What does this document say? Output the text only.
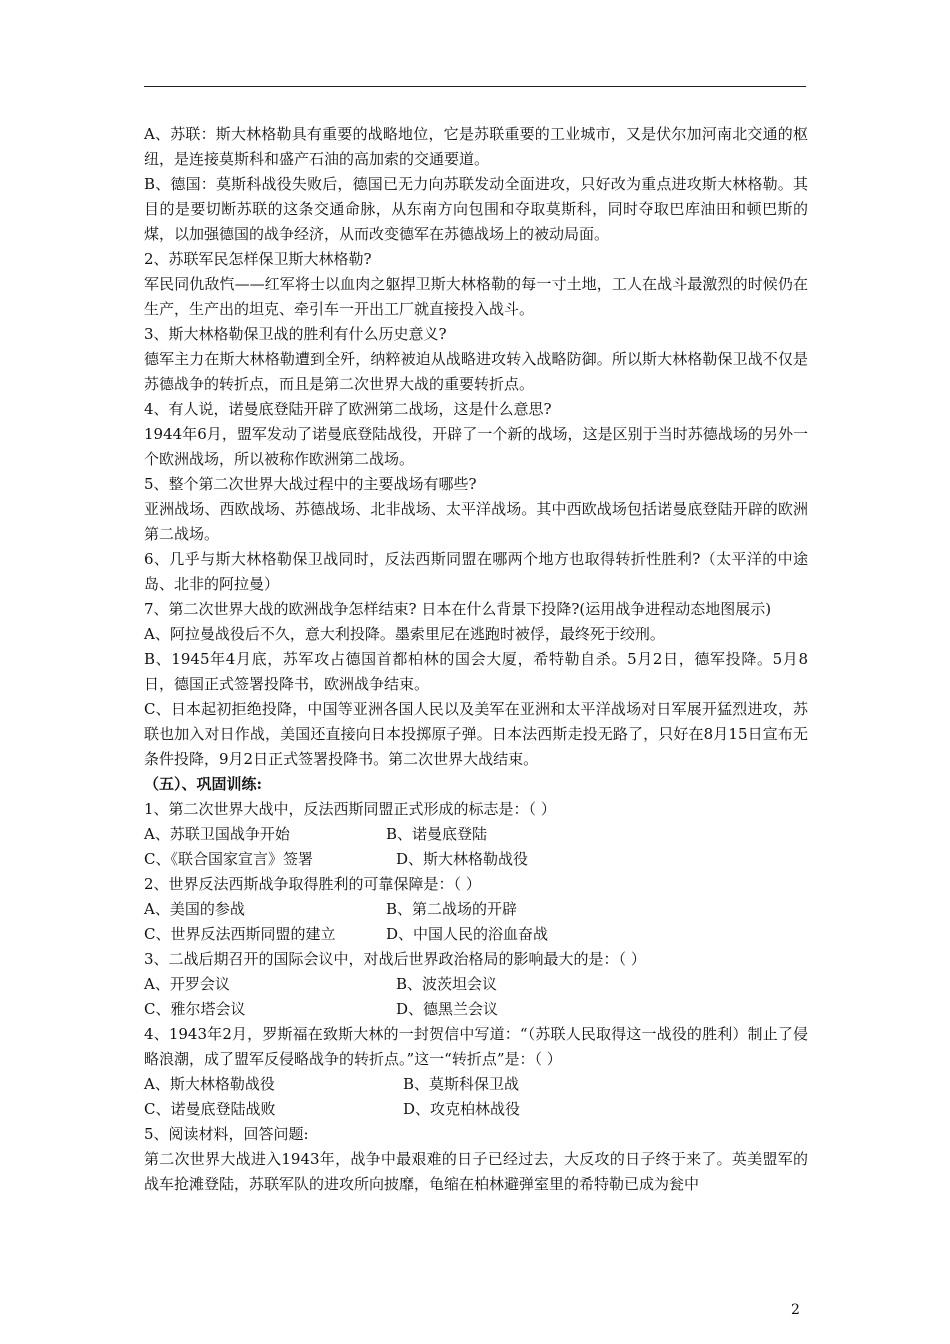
A、苏联：斯大林格勒具有重要的战略地位，它是苏联重要的工业城市，又是伏尔加河南北交通的枢纽，是连接莫斯科和盛产石油的高加索的交通要道。

B、德国：莫斯科战役失败后，德国已无力向苏联发动全面进攻，只好改为重点进攻斯大林格勒。其目的是要切断苏联的这条交通命脉，从东南方向包围和夺取莫斯科，同时夺取巴库油田和顿巴斯的煤，以加强德国的战争经济，从而改变德军在苏德战场上的被动局面。

2、苏联军民怎样保卫斯大林格勒?

军民同仇敌忾——红军将士以血肉之躯捍卫斯大林格勒的每一寸土地，工人在战斗最激烈的时候仍在生产，生产出的坦克、牵引车一开出工厂就直接投入战斗。

3、斯大林格勒保卫战的胜利有什么历史意义?

德军主力在斯大林格勒遭到全歼，纳粹被迫从战略进攻转入战略防御。所以斯大林格勒保卫战不仅是苏德战争的转折点，而且是第二次世界大战的重要转折点。

4、有人说，诺曼底登陆开辟了欧洲第二战场，这是什么意思?

1944年6月，盟军发动了诺曼底登陆战役，开辟了一个新的战场，这是区别于当时苏德战场的另外一个欧洲战场，所以被称作欧洲第二战场。

5、整个第二次世界大战过程中的主要战场有哪些?

亚洲战场、西欧战场、苏德战场、北非战场、太平洋战场。其中西欧战场包括诺曼底登陆开辟的欧洲第二战场。

6、几乎与斯大林格勒保卫战同时，反法西斯同盟在哪两个地方也取得转折性胜利?（太平洋的中途岛、北非的阿拉曼）

7、第二次世界大战的欧洲战争怎样结束? 日本在什么背景下投降?(运用战争进程动态地图展示)

A、阿拉曼战役后不久，意大利投降。墨索里尼在逃跑时被俘，最终死于绞刑。

B、1945年4月底，苏军攻占德国首都柏林的国会大厦，希特勒自杀。5月2日，德军投降。5月8日，德国正式签署投降书，欧洲战争结束。

C、日本起初拒绝投降，中国等亚洲各国人民以及美军在亚洲和太平洋战场对日军展开猛烈进攻，苏联也加入对日作战，美国还直接向日本投掷原子弹。日本法西斯走投无路了，只好在8月15日宣布无条件投降，9月2日正式签署投降书。第二次世界大战结束。

（五）、巩固训练:

1、第二次世界大战中，反法西斯同盟正式形成的标志是：（ ）

A、苏联卫国战争开始	B、诺曼底登陆
C、《联合国家宣言》签署	D、斯大林格勒战役

2、世界反法西斯战争取得胜利的可靠保障是：（ ）

A、美国的参战	B、第二战场的开辟
C、世界反法西斯同盟的建立	D、中国人民的浴血奋战

3、二战后期召开的国际会议中，对战后世界政治格局的影响最大的是：（ ）

A、开罗会议	B、波茨坦会议
C、雅尔塔会议	D、德黑兰会议

4、1943年2月，罗斯福在致斯大林的一封贺信中写道：“（苏联人民取得这一战役的胜利）制止了侵略浪潮，成了盟军反侵略战争的转折点。”这一“转折点”是：（ ）

A、斯大林格勒战役	B、莫斯科保卫战
C、诺曼底登陆战败	D、攻克柏林战役

5、阅读材料，回答问题:

第二次世界大战进入1943年，战争中最艰难的日子已经过去，大反攻的日子终于来了。英美盟军的战车抢滩登陆，苏联军队的进攻所向披靡，龟缩在柏林避弹室里的希特勒已成为瓮中

2
